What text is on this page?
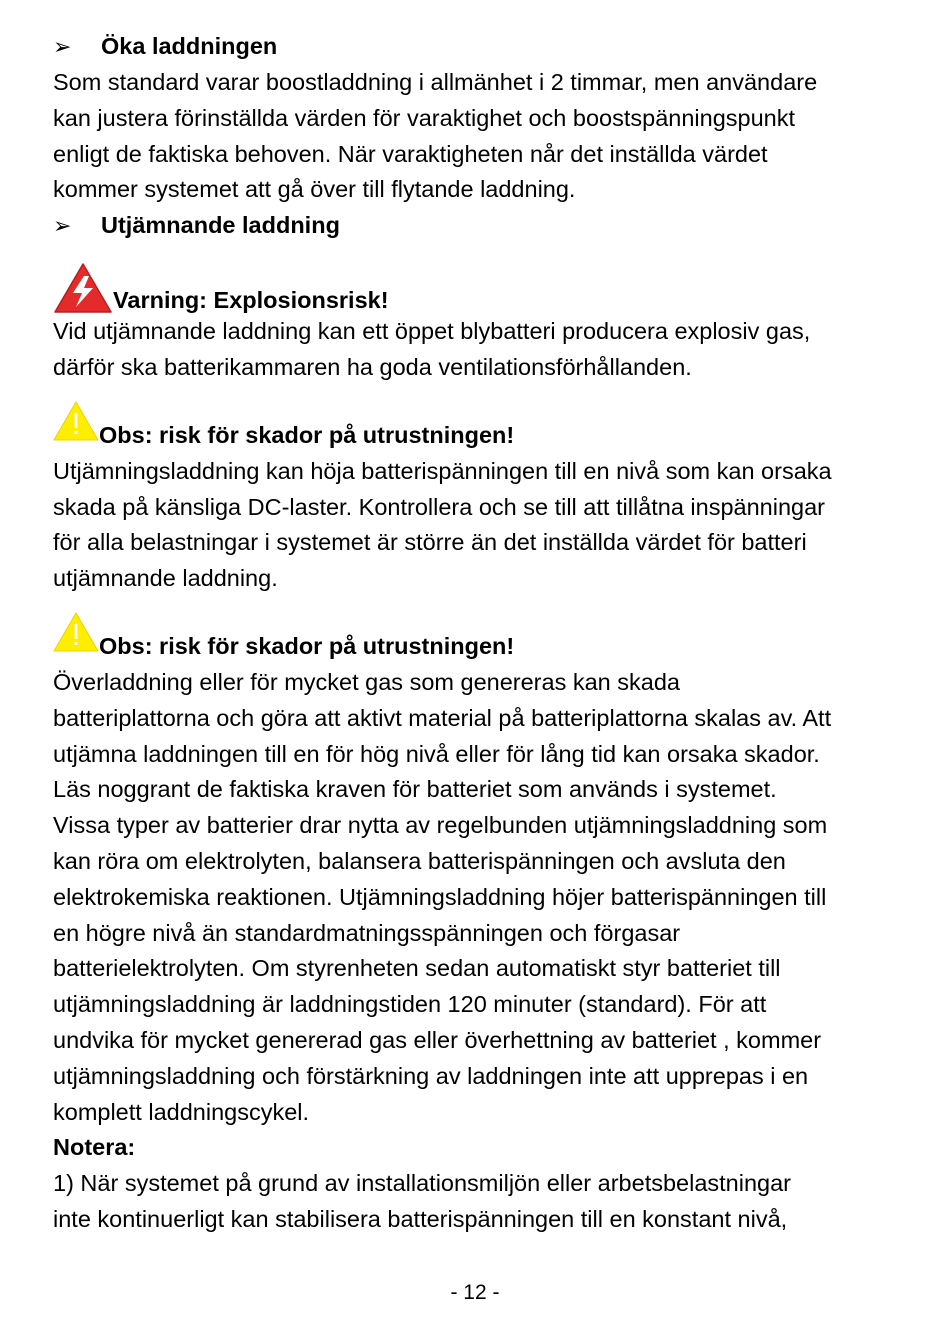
➢	Öka laddningen

Som standard varar boostladdning i allmänhet i 2 timmar, men användare

kan justera förinställda värden för varaktighet och boostspänningspunkt

enligt de faktiska behoven. När varaktigheten når det inställda värdet

kommer systemet att gå över till flytande laddning.

➢	Utjämnande laddning
Varning: Explosionsrisk!

Vid utjämnande laddning kan ett öppet blybatteri producera explosiv gas,

därför ska batterikammaren ha goda ventilationsförhållanden.

Obs: risk för skador på utrustningen!

Utjämningsladdning kan höja batterispänningen till en nivå som kan orsaka

skada på känsliga DC-laster. Kontrollera och se till att tillåtna inspänningar

för alla belastningar i systemet är större än det inställda värdet för batteri

utjämnande laddning.

Obs: risk för skador på utrustningen!

Överladdning eller för mycket gas som genereras kan skada

batteriplattorna och göra att aktivt material på batteriplattorna skalas av. Att

utjämna laddningen till en för hög nivå eller för lång tid kan orsaka skador.

Läs noggrant de faktiska kraven för batteriet som används i systemet.

Vissa typer av batterier drar nytta av regelbunden utjämningsladdning som

kan röra om elektrolyten, balansera batterispänningen och avsluta den

elektrokemiska reaktionen. Utjämningsladdning höjer batterispänningen till

en högre nivå än standardmatningsspänningen och förgasar

batterielektrolyten. Om styrenheten sedan automatiskt styr batteriet till

utjämningsladdning är laddningstiden 120 minuter (standard). För att

undvika för mycket genererad gas eller överhettning av batteriet , kommer

utjämningsladdning och förstärkning av laddningen inte att upprepas i en

komplett laddningscykel.

Notera:

1) När systemet på grund av installationsmiljön eller arbetsbelastningar

inte kontinuerligt kan stabilisera batterispänningen till en konstant nivå,

- 12 -
